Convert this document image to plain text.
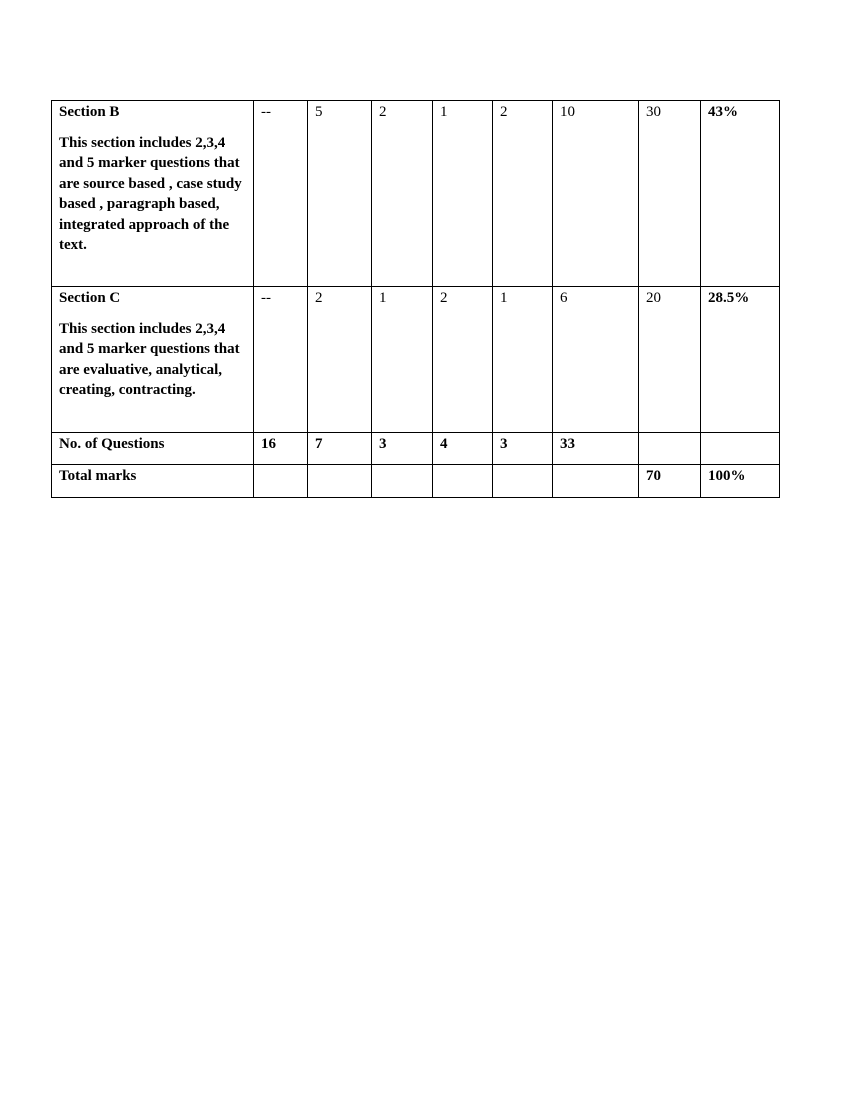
Section B
This section includes 2,3,4 and 5 marker questions that are source based , case study based , paragraph based, integrated approach of the text.	--	5	2	1	2	10	30	43%

Section C
This section includes 2,3,4 and 5 marker questions that are evaluative, analytical, creating, contracting.	--	2	1	2	1	6	20	28.5%
No. of Questions	16	7	3	4	3	33		
Total marks							70	100%
